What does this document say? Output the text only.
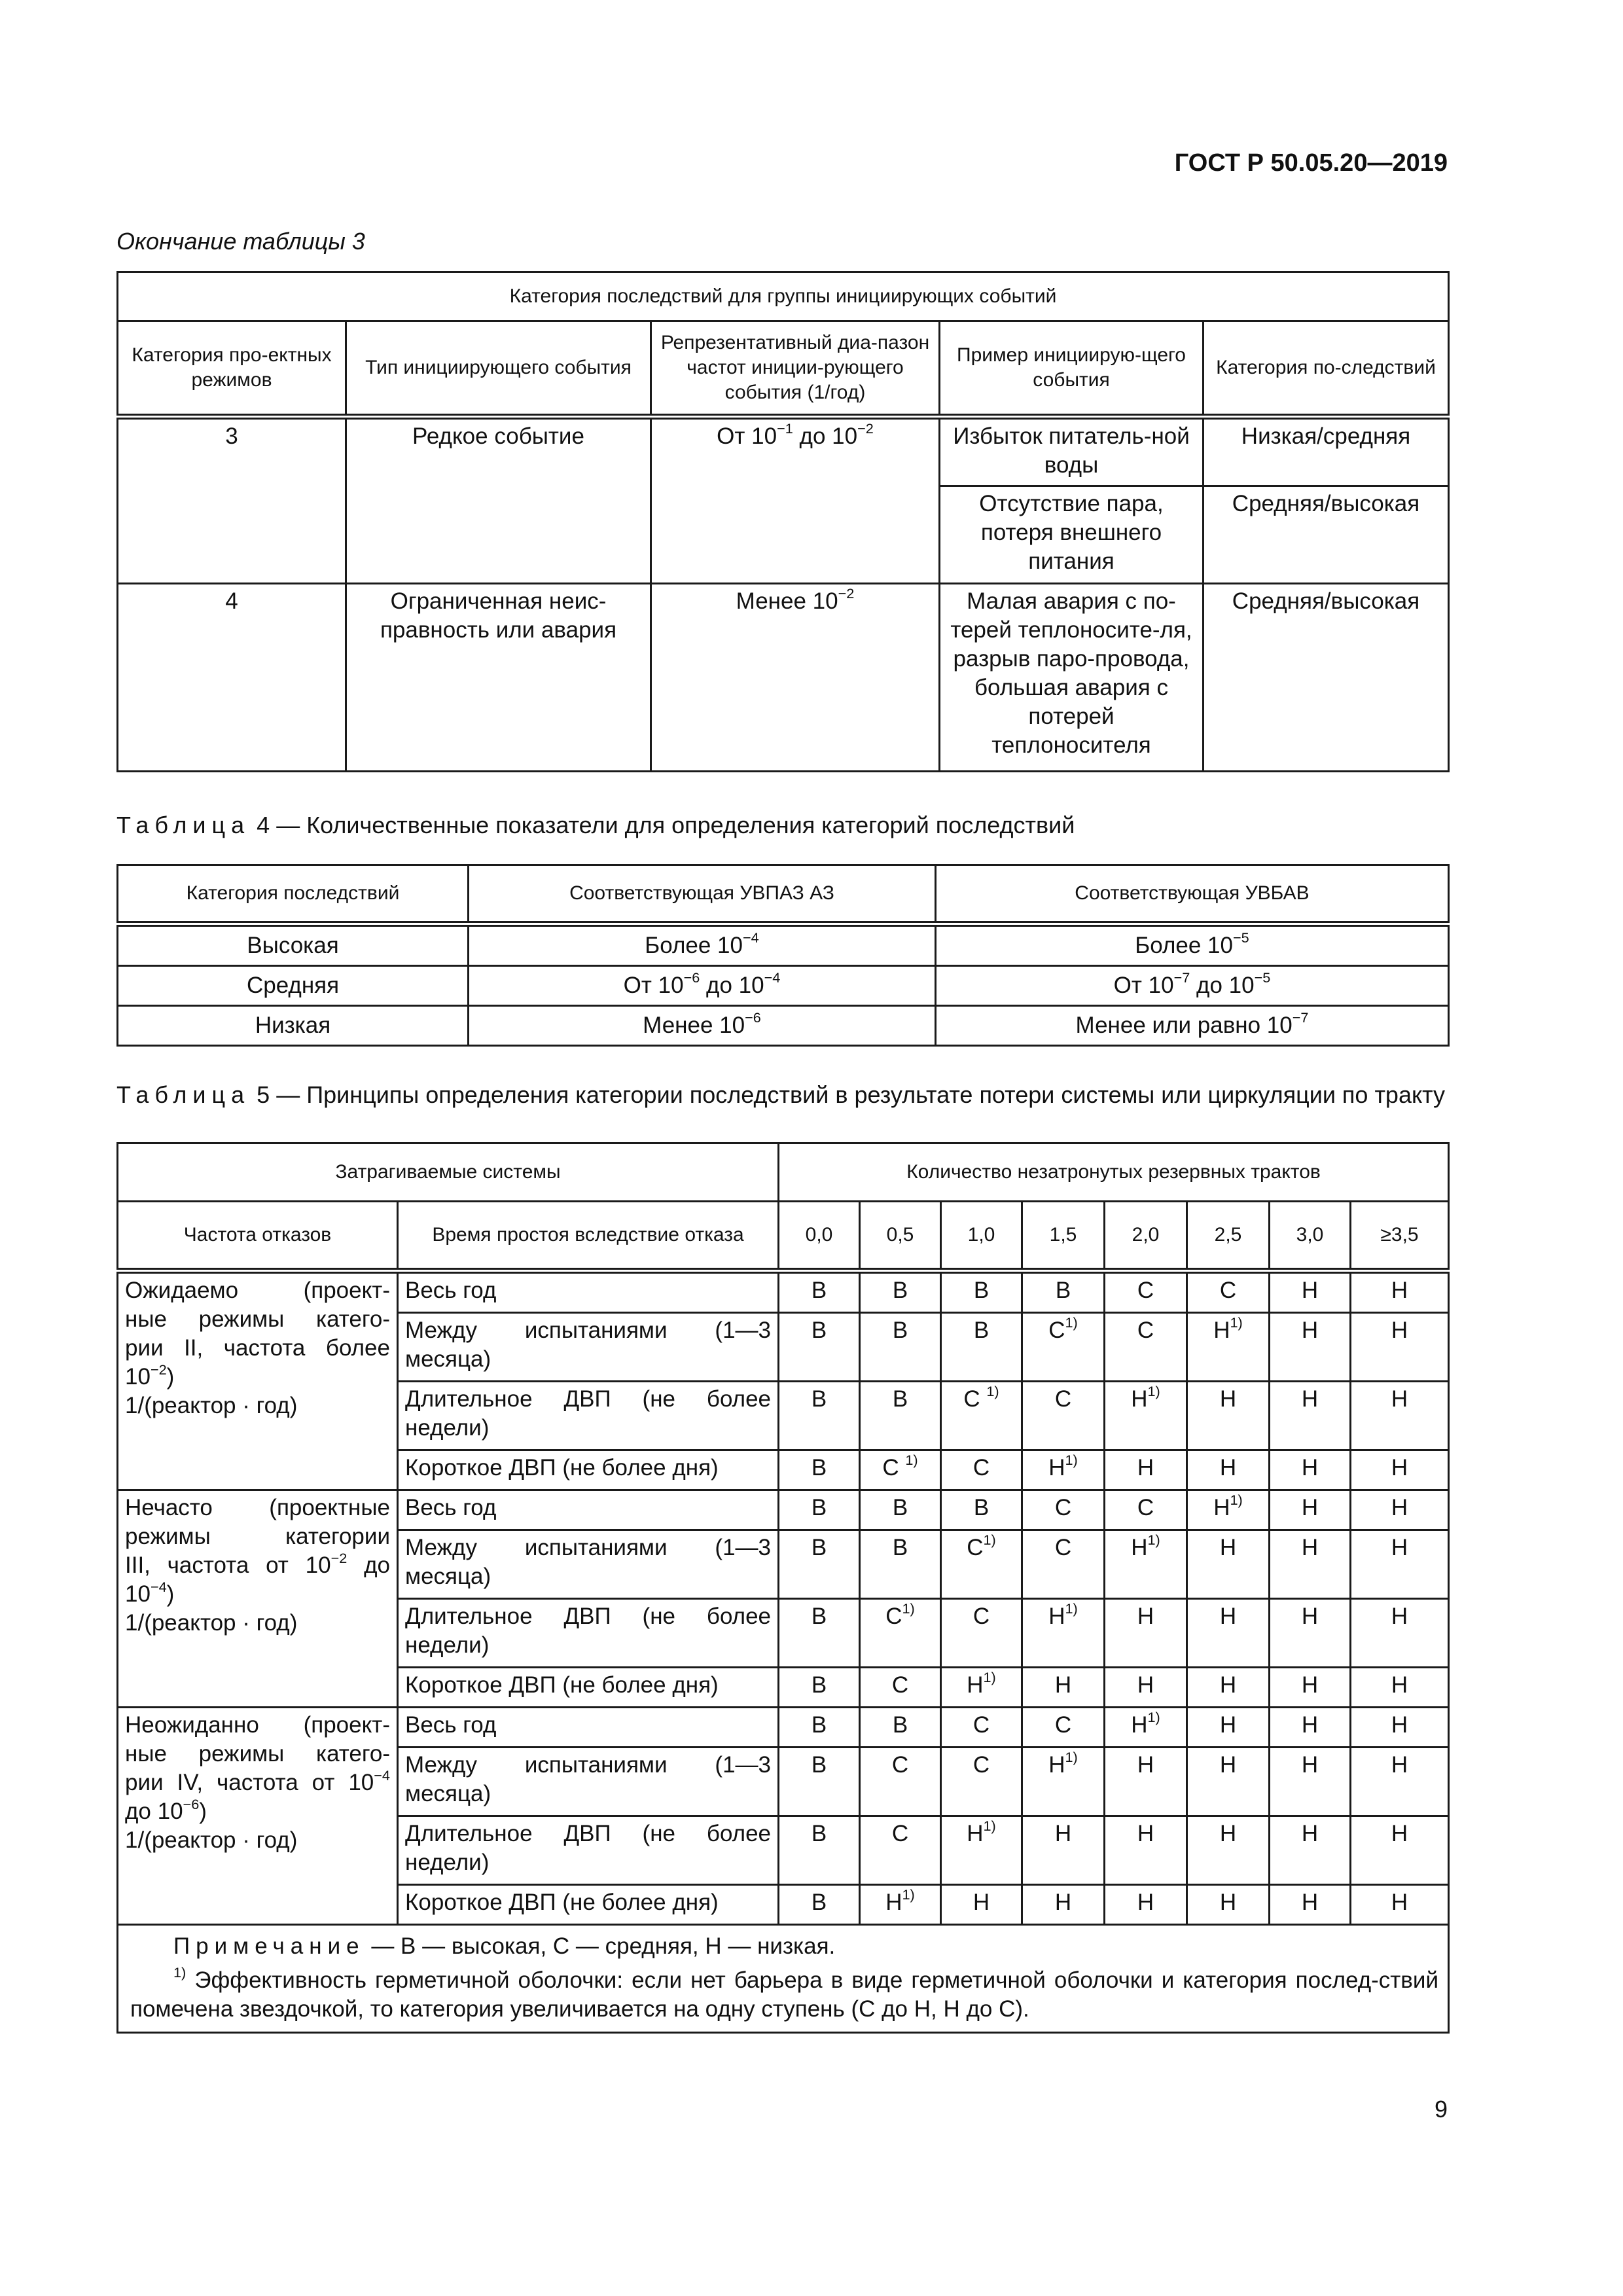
ГОСТ Р 50.05.20—2019
Окончание таблицы 3
Категория последствий для группы инициирующих событий				
Категория про-ектных режимов	Тип инициирующего события	Репрезентативный диа-пазон частот иниции-рующего события (1/год)	Пример инициирую-щего события	Категория по-следствий
3	Редкое событие	От $10^{-1}$ до $10^{-2}$	Избыток питатель-ной воды	Низкая/средняя
			Отсутствие пара, потеря внешнего питания	Средняя/высокая
4	Ограниченная неис-правность или авария	Менее $10^{-2}$	Малая авария с по-терей теплоносите-ля, разрыв паро-провода, большая авария с потерей теплоносителя	Средняя/высокая
Таблица 4 — Количественные показатели для определения категорий последствий
Категория последствий	Соответствующая УВПАЗ АЗ	Соответствующая УВБАВ
Высокая	Более $10^{-4}$	Более $10^{-5}$
Средняя	От $10^{-6}$ до $10^{-4}$	От $10^{-7}$ до $10^{-5}$
Низкая	Менее $10^{-6}$	Менее или равно $10^{-7}$
Таблица 5 — Принципы определения категории последствий в результате потери системы или циркуляции по тракту
Затрагиваемые системы		Количество незатронутых резервных трактов							
Частота отказов	Время простоя вследствие отказа	0,0	0,5	1,0	1,5	2,0	2,5	3,0	≥3,5

Ожидаемо (проект-
ные режимы катего-
рии II, частота более
$10^{-2}$)
1/(реактор · год)	Весь год	В	В	В	В	С	С	Н	Н
	Между испытаниями (1—3 месяца)	В	В	В	$С^{1)}$	С	$Н^{1)}$	Н	Н
	Длительное ДВП (не более недели)	В	В	С $^{1)}$	С	$Н^{1)}$	Н	Н	Н
	Короткое ДВП (не более дня)	В	С $^{1)}$	С	$Н^{1)}$	Н	Н	Н	Н

Нечасто (проектные
режимы категории
III, частота от $10^{-2}$ до
$10^{-4}$)
1/(реактор · год)	Весь год	В	В	В	С	С	$Н^{1)}$	Н	Н
	Между испытаниями (1—3 месяца)	В	В	$С^{1)}$	С	$Н^{1)}$	Н	Н	Н
	Длительное ДВП (не более недели)	В	$С^{1)}$	С	$Н^{1)}$	Н	Н	Н	Н
	Короткое ДВП (не более дня)	В	С	$Н^{1)}$	Н	Н	Н	Н	Н

Неожиданно (проект-
ные режимы катего-
рии IV, частота от $10^{-4}$
до $10^{-6}$)
1/(реактор · год)	Весь год	В	В	С	С	$Н^{1)}$	Н	Н	Н
	Между испытаниями (1—3 месяца)	В	С	С	$Н^{1)}$	Н	Н	Н	Н
	Длительное ДВП (не более недели)	В	С	$Н^{1)}$	Н	Н	Н	Н	Н
	Короткое ДВП (не более дня)	В	$Н^{1)}$	Н	Н	Н	Н	Н	Н

Примечание — В — высокая, С — средняя, Н — низкая.
$^{1)}$ Эффективность герметичной оболочки: если нет барьера в виде герметичной оболочки и категория послед-ствий помечена звездочкой, то категория увеличивается на одну ступень (С до Н, Н до С).									
9
